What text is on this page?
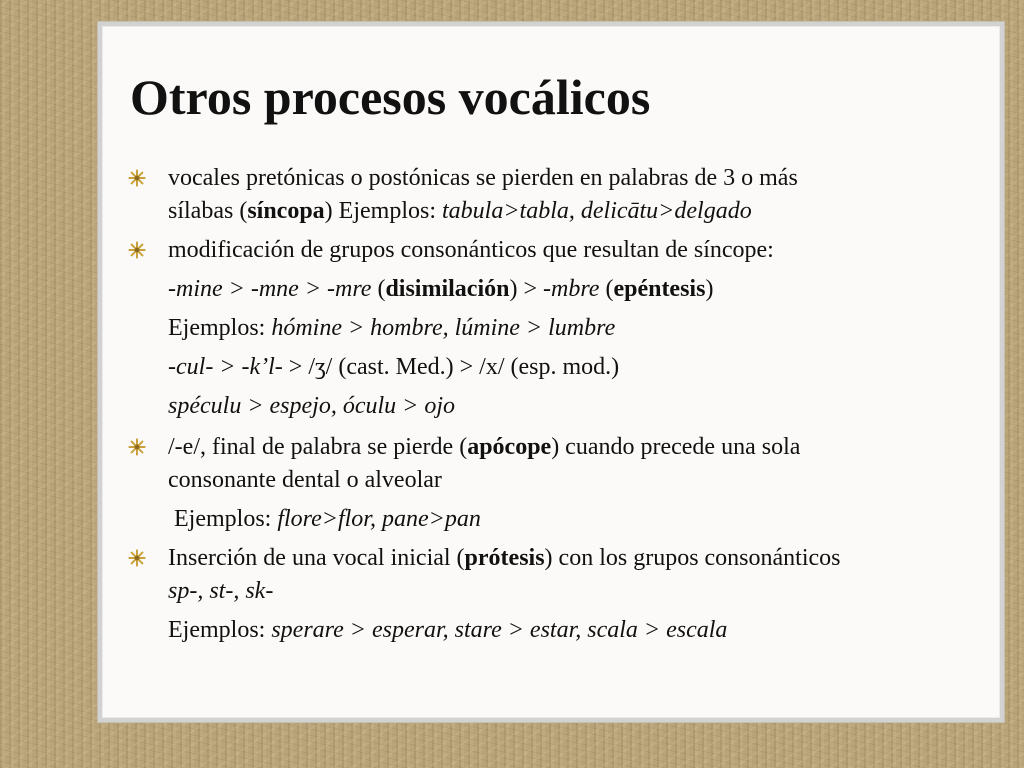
Otros procesos vocálicos
vocales pretónicas o postónicas se pierden en palabras de 3 o más
sílabas (síncopa) Ejemplos: tabula>tabla, delicātu>delgado
modificación de grupos consonánticos que resultan de síncope:
-mine > -mne > -mre (disimilación) > -mbre (epéntesis)
Ejemplos: hómine > hombre, lúmine > lumbre
-cul- > -k’l- > /ʒ/ (cast. Med.) > /x/ (esp. mod.)
spéculu > espejo, óculu > ojo
/-e/, final de palabra se pierde (apócope) cuando precede una sola
consonante dental o alveolar
Ejemplos: flore>flor, pane>pan
Inserción de una vocal inicial (prótesis) con los grupos consonánticos
sp-, st-, sk-
Ejemplos: sperare > esperar, stare > estar, scala > escala
